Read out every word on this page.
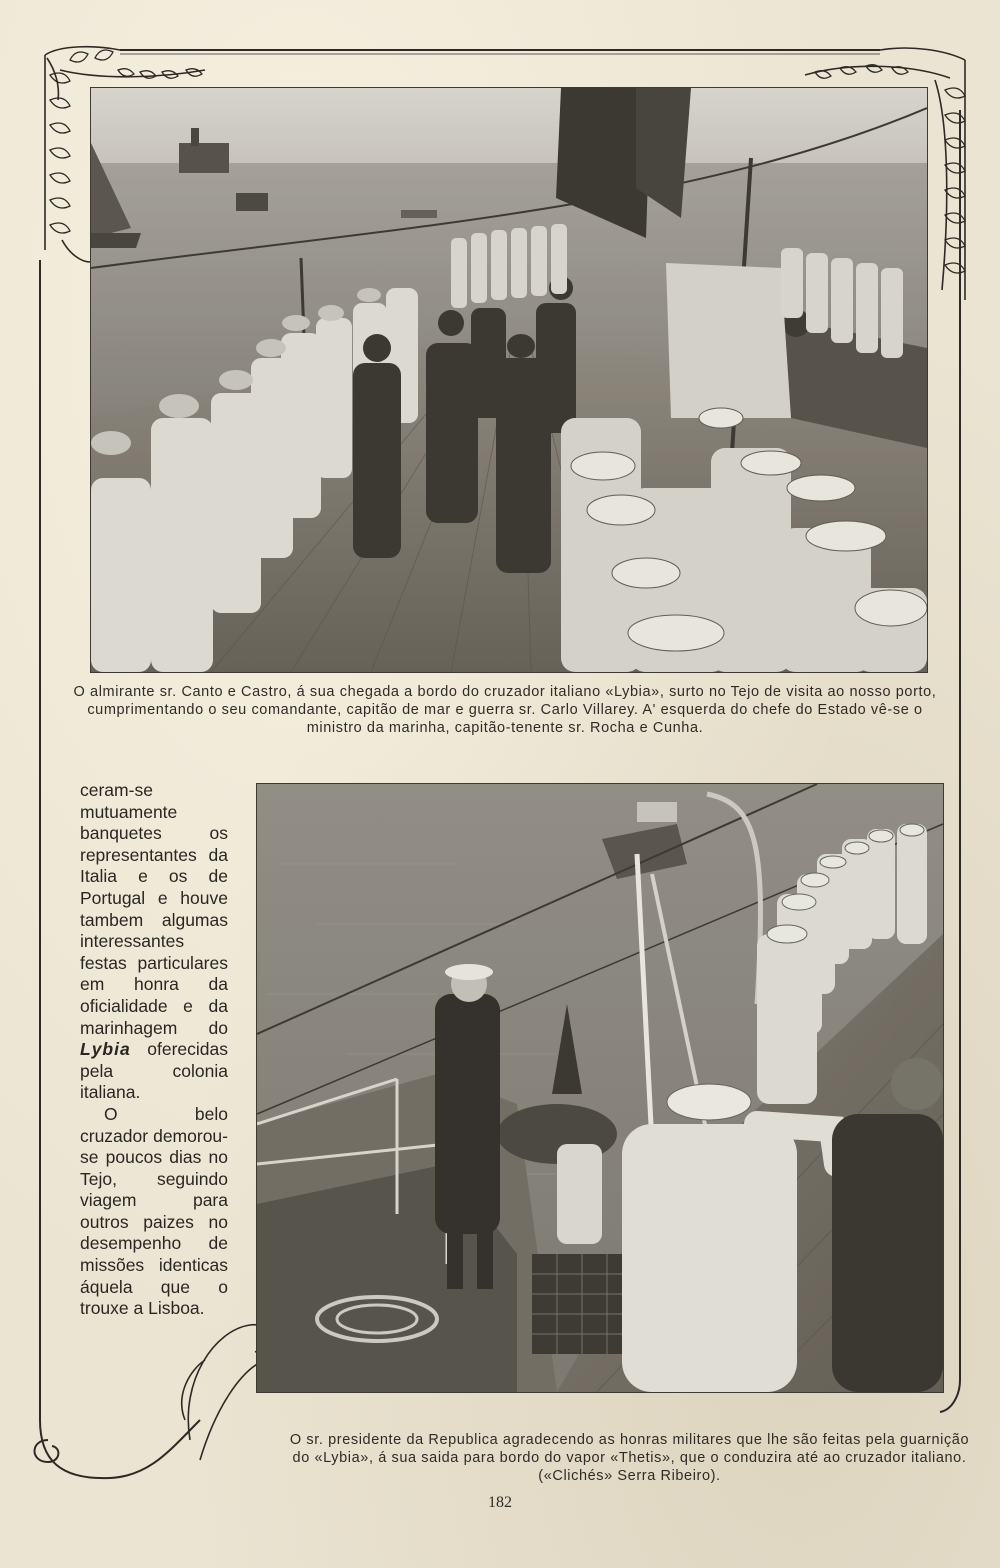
O almirante sr. Canto e Castro, á sua chegada a bordo do cruzador italiano «Lybia», surto no Tejo de visita ao nosso porto, cumprimentando o seu comandante, capitão de mar e guerra sr. Carlo Villarey. A' esquerda do chefe do Estado vê-se o ministro da marinha, capitão-tenente sr. Rocha e Cunha.

ceram-se mutuamente banquetes os representantes da Italia e os de Portugal e houve tambem algumas interessantes festas particulares em honra da oficialidade e da marinhagem do Lybia oferecidas pela colonia italiana.

O belo cruzador demorou-se poucos dias no Tejo, seguindo viagem para outros paizes no desempenho de missões identicas áquela que o trouxe a Lisboa.

O sr. presidente da Republica agradecendo as honras militares que lhe são feitas pela guarnição do «Lybia», á sua saida para bordo do vapor «Thetis», que o conduzira até ao cruzador italiano. («Clichés» Serra Ribeiro).
182
